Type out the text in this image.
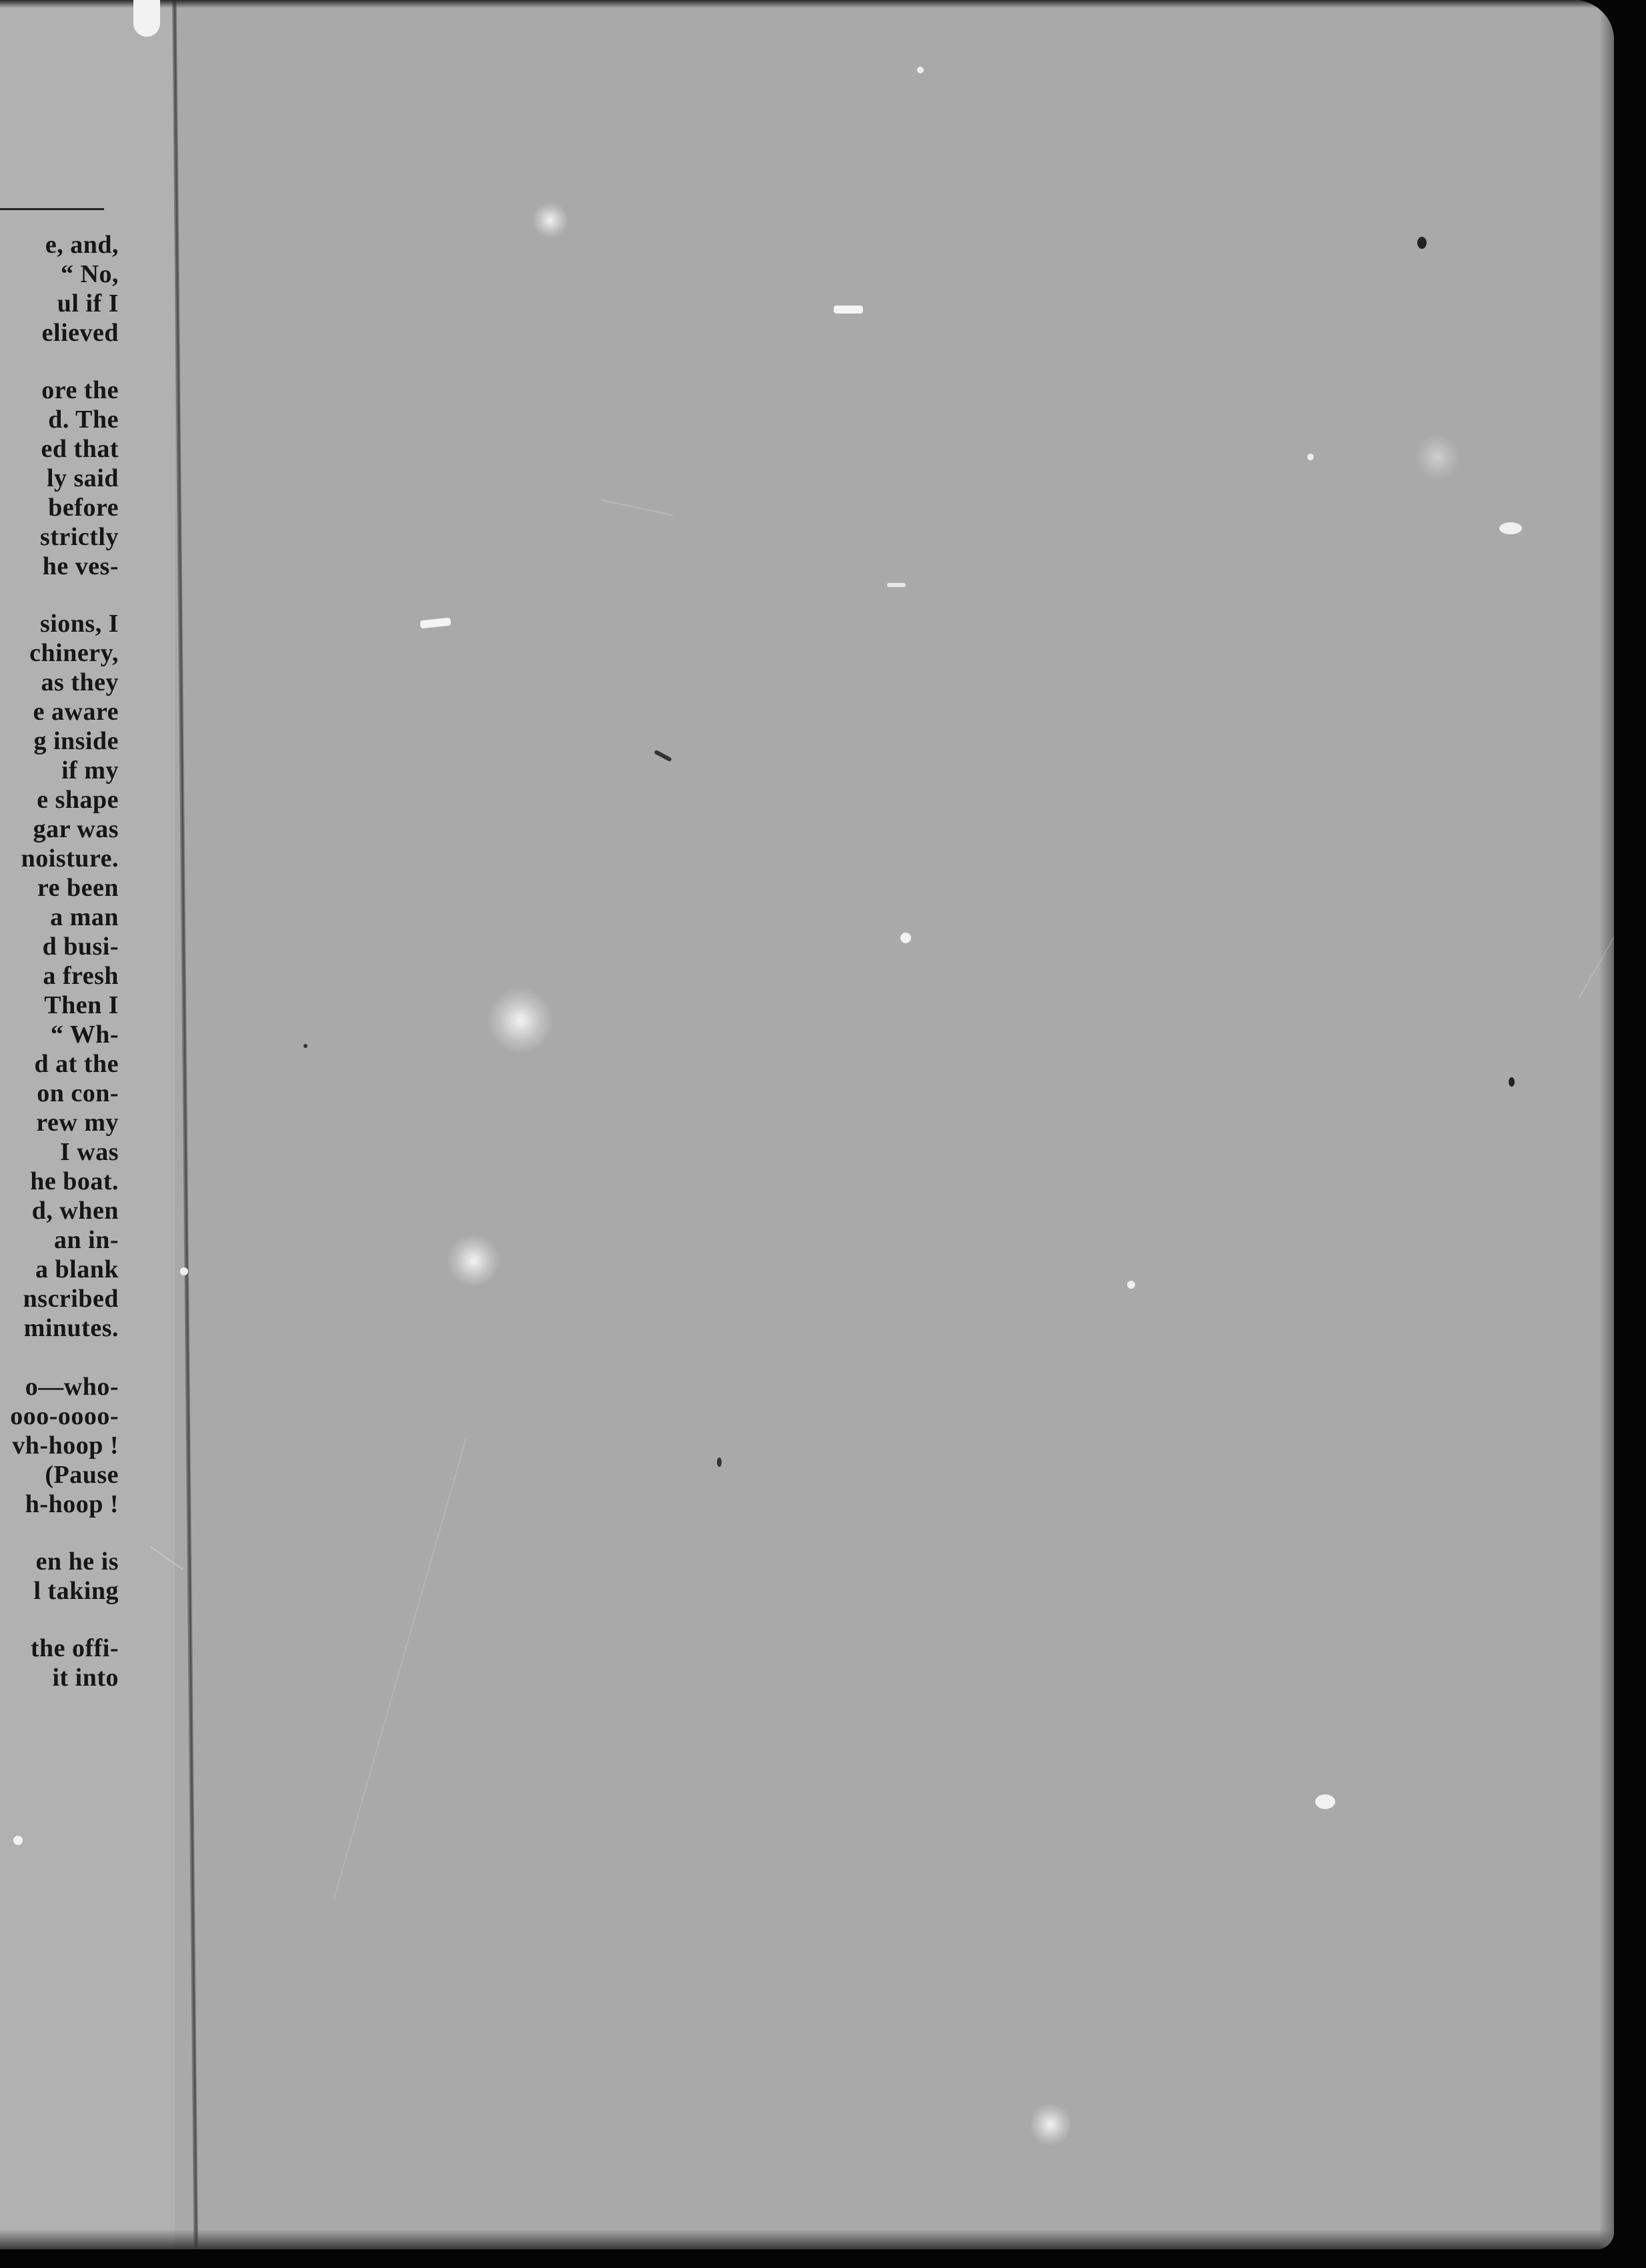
e, and,
“ No,
ul if I
elieved
ore the
d. The
ed that
ly said
before
strictly
he ves-
sions, I
chinery,
as they
e aware
g inside
if my
e shape
gar was
noisture.
re been
a man
d busi-
a fresh
Then I
“ Wh-
d at the
on con-
rew my
I was
he boat.
d, when
an in-
a blank
nscribed
minutes.
o—who-
ooo-oooo-
vh-hoop !
(Pause
h-hoop !
en he is
l taking
the offi-
it into
